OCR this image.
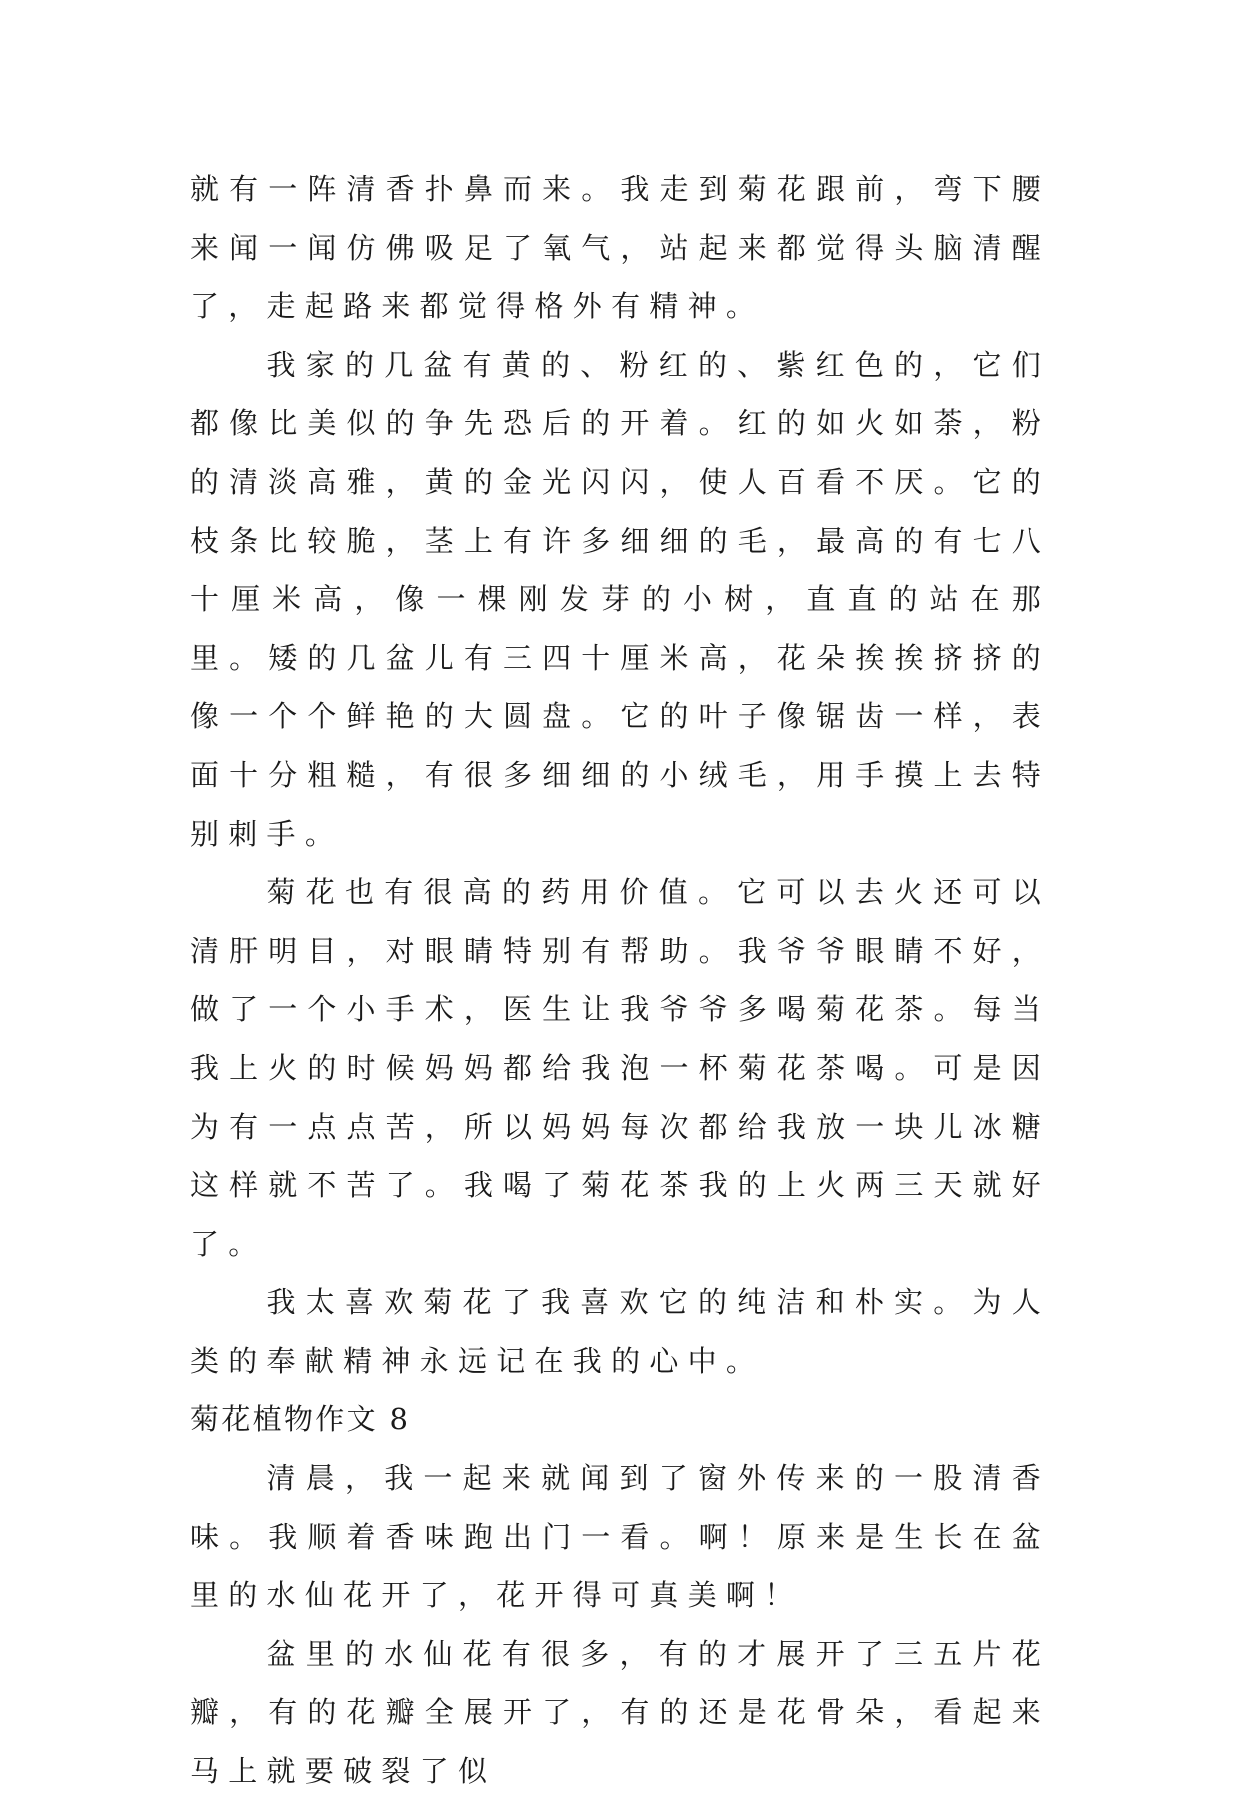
就有一阵清香扑鼻而来。我走到菊花跟前，弯下腰来闻一闻仿佛吸足了氧气，站起来都觉得头脑清醒了，走起路来都觉得格外有精神。

我家的几盆有黄的、粉红的、紫红色的，它们都像比美似的争先恐后的开着。红的如火如荼，粉的清淡高雅，黄的金光闪闪，使人百看不厌。它的枝条比较脆，茎上有许多细细的毛，最高的有七八十厘米高，像一棵刚发芽的小树，直直的站在那里。矮的几盆儿有三四十厘米高，花朵挨挨挤挤的像一个个鲜艳的大圆盘。它的叶子像锯齿一样，表面十分粗糙，有很多细细的小绒毛，用手摸上去特别刺手。

菊花也有很高的药用价值。它可以去火还可以清肝明目，对眼睛特别有帮助。我爷爷眼睛不好，做了一个小手术，医生让我爷爷多喝菊花茶。每当我上火的时候妈妈都给我泡一杯菊花茶喝。可是因为有一点点苦，所以妈妈每次都给我放一块儿冰糖这样就不苦了。我喝了菊花茶我的上火两三天就好了。

我太喜欢菊花了我喜欢它的纯洁和朴实。为人类的奉献精神永远记在我的心中。

菊花植物作文 8

清晨，我一起来就闻到了窗外传来的一股清香味。我顺着香味跑出门一看。啊！原来是生长在盆里的水仙花开了，花开得可真美啊！

盆里的水仙花有很多，有的才展开了三五片花瓣，有的花瓣全展开了，有的还是花骨朵，看起来马上就要破裂了似
